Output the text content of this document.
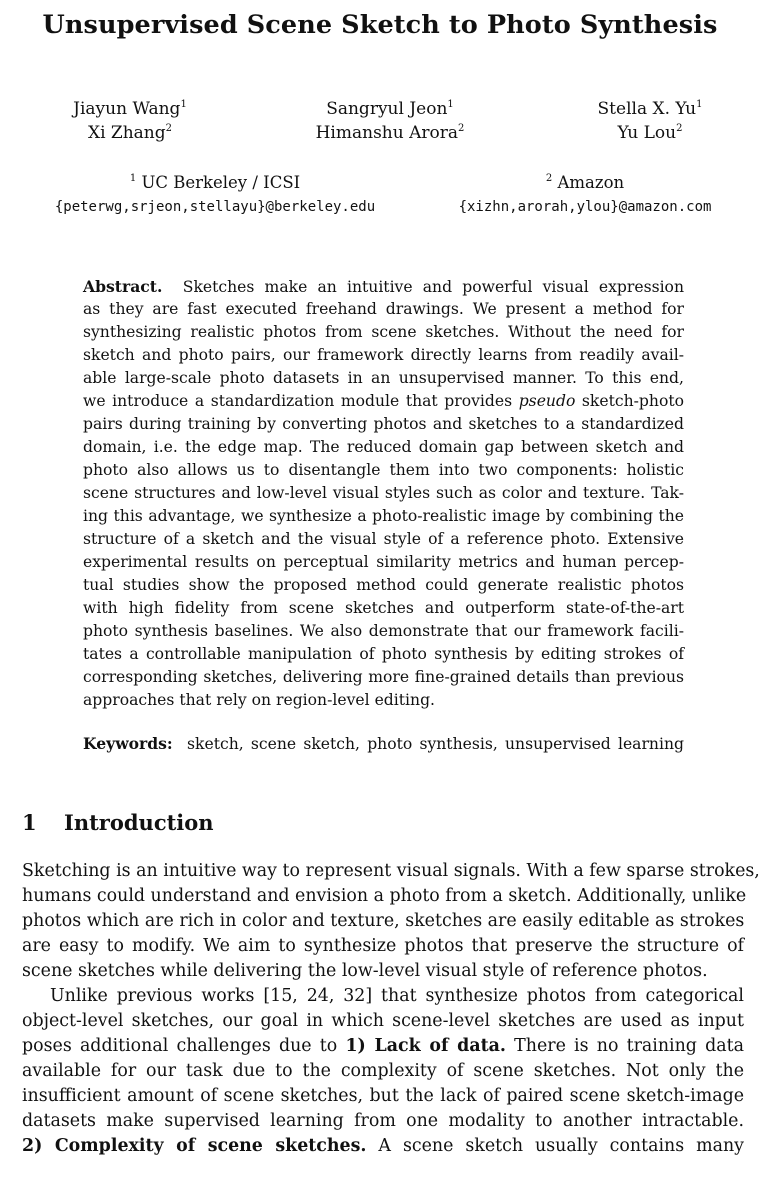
Unsupervised Scene Sketch to Photo Synthesis
Jiayun Wang$^1$
Xi Zhang$^2$
Sangryul Jeon$^1$
Himanshu Arora$^2$
Stella X. Yu$^1$
Yu Lou$^2$
$^1$ UC Berkeley / ICSI
{peterwg,srjeon,stellayu}@berkeley.edu
$^2$ Amazon
{xizhn,arorah,ylou}@amazon.com
Abstract. Sketches make an intuitive and powerful visual expression
as they are fast executed freehand drawings. We present a method for
synthesizing realistic photos from scene sketches. Without the need for
sketch and photo pairs, our framework directly learns from readily avail-
able large-scale photo datasets in an unsupervised manner. To this end,
we introduce a standardization module that provides pseudo sketch-photo
pairs during training by converting photos and sketches to a standardized
domain, i.e. the edge map. The reduced domain gap between sketch and
photo also allows us to disentangle them into two components: holistic
scene structures and low-level visual styles such as color and texture. Tak-
ing this advantage, we synthesize a photo-realistic image by combining the
structure of a sketch and the visual style of a reference photo. Extensive
experimental results on perceptual similarity metrics and human percep-
tual studies show the proposed method could generate realistic photos
with high fidelity from scene sketches and outperform state-of-the-art
photo synthesis baselines. We also demonstrate that our framework facili-
tates a controllable manipulation of photo synthesis by editing strokes of
corresponding sketches, delivering more fine-grained details than previous
approaches that rely on region-level editing.
Keywords: sketch, scene sketch, photo synthesis, unsupervised learning
1 Introduction
Sketching is an intuitive way to represent visual signals. With a few sparse strokes,
humans could understand and envision a photo from a sketch. Additionally, unlike
photos which are rich in color and texture, sketches are easily editable as strokes
are easy to modify. We aim to synthesize photos that preserve the structure of
scene sketches while delivering the low-level visual style of reference photos.
Unlike previous works [15, 24, 32] that synthesize photos from categorical
object-level sketches, our goal in which scene-level sketches are used as input
poses additional challenges due to 1) Lack of data. There is no training data
available for our task due to the complexity of scene sketches. Not only the
insufficient amount of scene sketches, but the lack of paired scene sketch-image
datasets make supervised learning from one modality to another intractable.
2) Complexity of scene sketches. A scene sketch usually contains many
